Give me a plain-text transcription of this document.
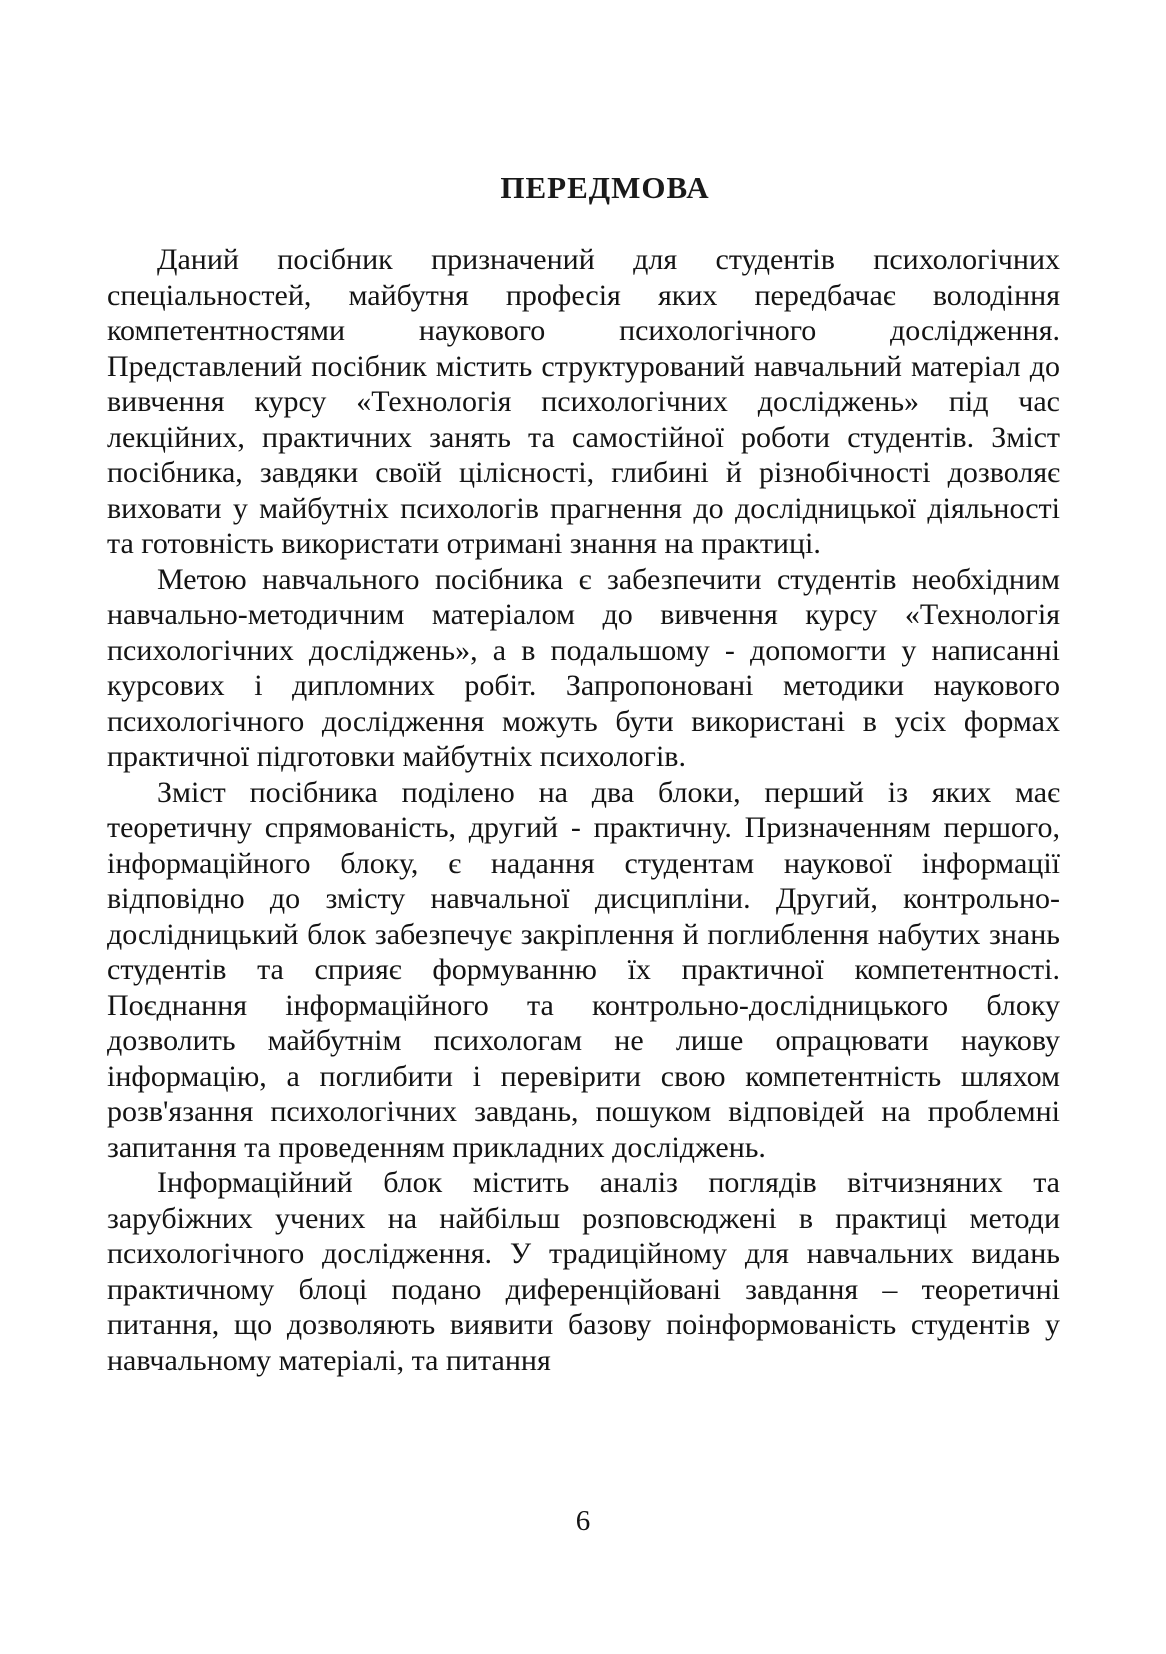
ПЕРЕДМОВА

Даний посібник призначений для студентів психологічних спеціальностей, майбутня професія яких передбачає володіння компетентностями наукового психологічного дослідження. Представлений посібник містить структурований навчальний матеріал до вивчення курсу «Технологія психологічних досліджень» під час лекційних, практичних занять та самостійної роботи студентів. Зміст посібника, завдяки своїй цілісності, глибині й різнобічності дозволяє виховати у майбутніх психологів прагнення до дослідницької діяльності та готовність використати отримані знання на практиці.

Метою навчального посібника є забезпечити студентів необхідним навчально-методичним матеріалом до вивчення курсу «Технологія психологічних досліджень», а в подальшому - допомогти у написанні курсових і дипломних робіт. Запропоновані методики наукового психологічного дослідження можуть бути використані в усіх формах практичної підготовки майбутніх психологів.

Зміст посібника поділено на два блоки, перший із яких має теоретичну спрямованість, другий - практичну. Призначенням першого, інформаційного блоку, є надання студентам наукової інформації відповідно до змісту навчальної дисципліни. Другий, контрольно-дослідницький блок забезпечує закріплення й поглиблення набутих знань студентів та сприяє формуванню їх практичної компетентності. Поєднання інформаційного та контрольно-дослідницького блоку дозволить майбутнім психологам не лише опрацювати наукову інформацію, а поглибити і перевірити свою компетентність шляхом розв'язання психологічних завдань, пошуком відповідей на проблемні запитання та проведенням прикладних досліджень.

Інформаційний блок містить аналіз поглядів вітчизняних та зарубіжних учених на найбільш розповсюджені в практиці методи психологічного дослідження. У традиційному для навчальних видань практичному блоці подано диференційовані завдання – теоретичні питання, що дозволяють виявити базову поінформованість студентів у навчальному матеріалі, та питання

6
